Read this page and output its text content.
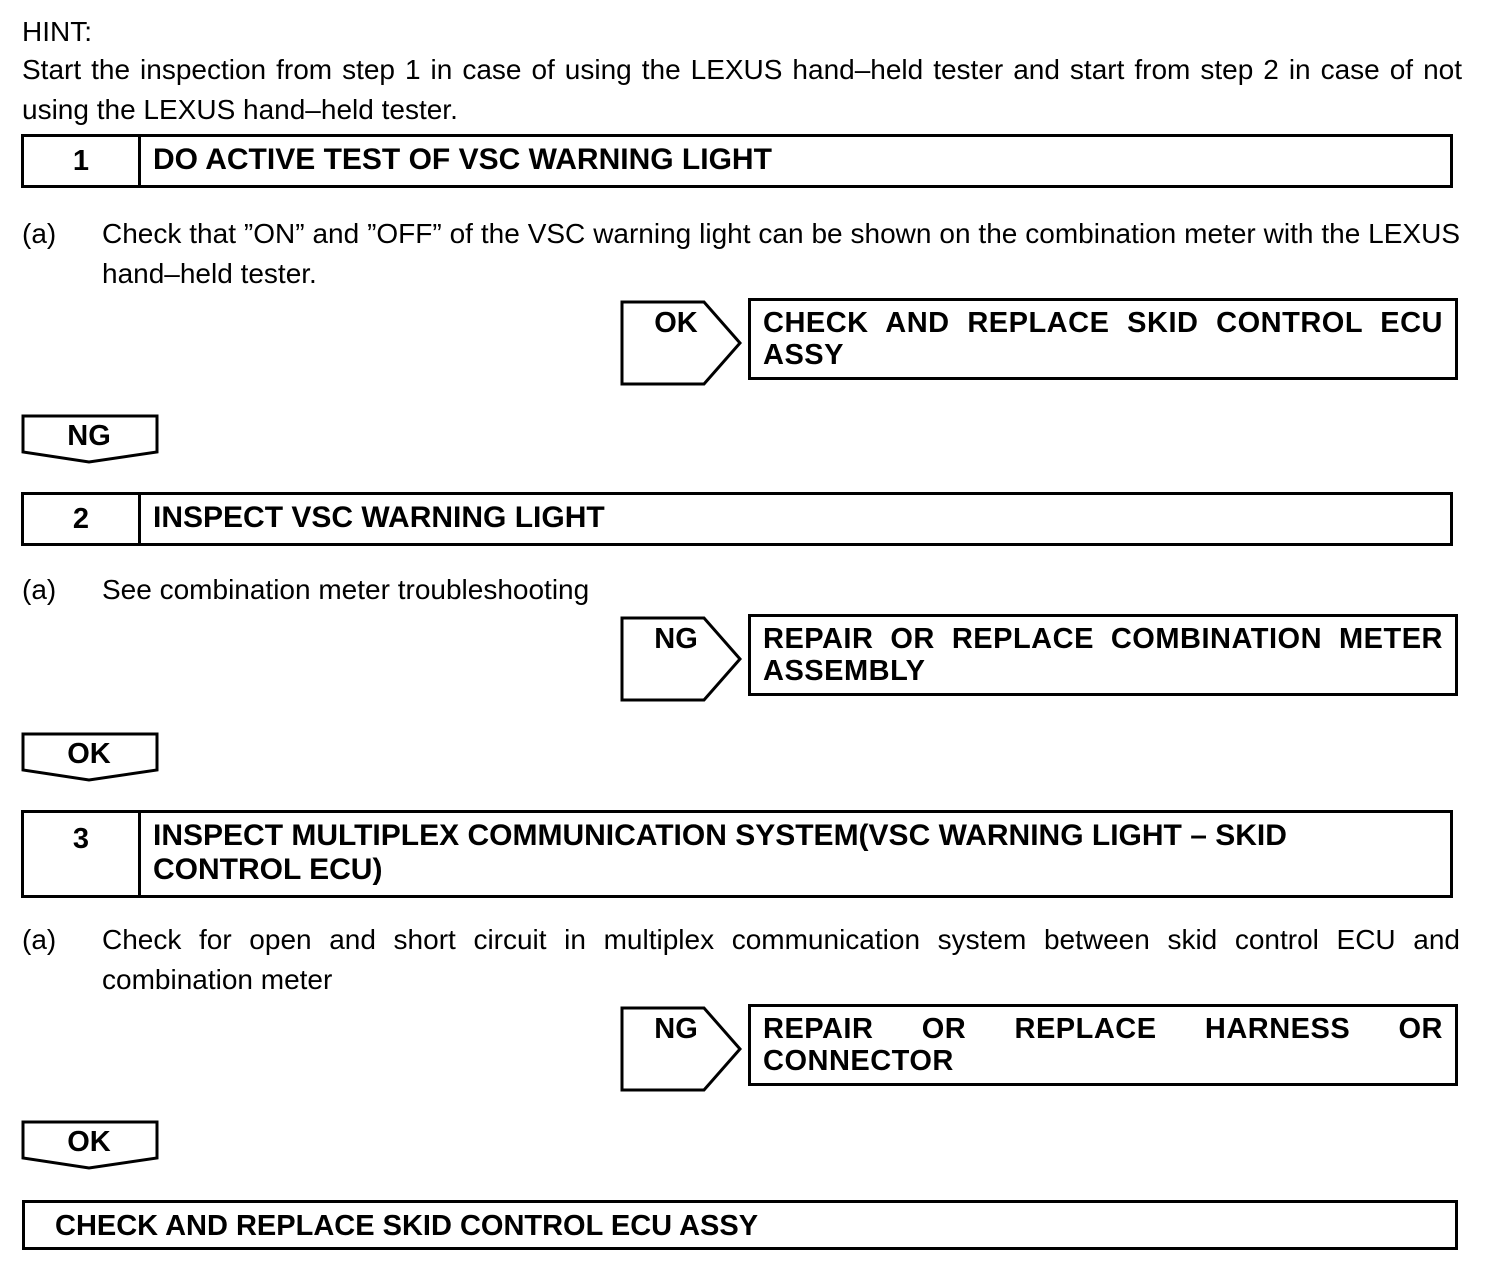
HINT:
Start the inspection from step 1 in case of using the LEXUS hand–held tester and start from step 2 in case of not using the LEXUS hand–held tester.
1	DO ACTIVE TEST OF VSC WARNING LIGHT
(a)	Check that ”ON” and ”OFF” of the VSC warning light can be shown on the combination meter with the LEXUS hand–held tester.
OK	CHECK AND REPLACE SKID CONTROL ECU ASSY
NG
2	INSPECT VSC WARNING LIGHT
(a)	See combination meter troubleshooting
NG	REPAIR OR REPLACE COMBINATION METER ASSEMBLY
OK
3	INSPECT MULTIPLEX COMMUNICATION SYSTEM(VSC WARNING LIGHT – SKID CONTROL ECU)
(a)	Check for open and short circuit in multiplex communication system between skid control ECU and combination meter
NG	REPAIR OR REPLACE HARNESS OR CONNECTOR
OK
CHECK AND REPLACE SKID CONTROL ECU ASSY
